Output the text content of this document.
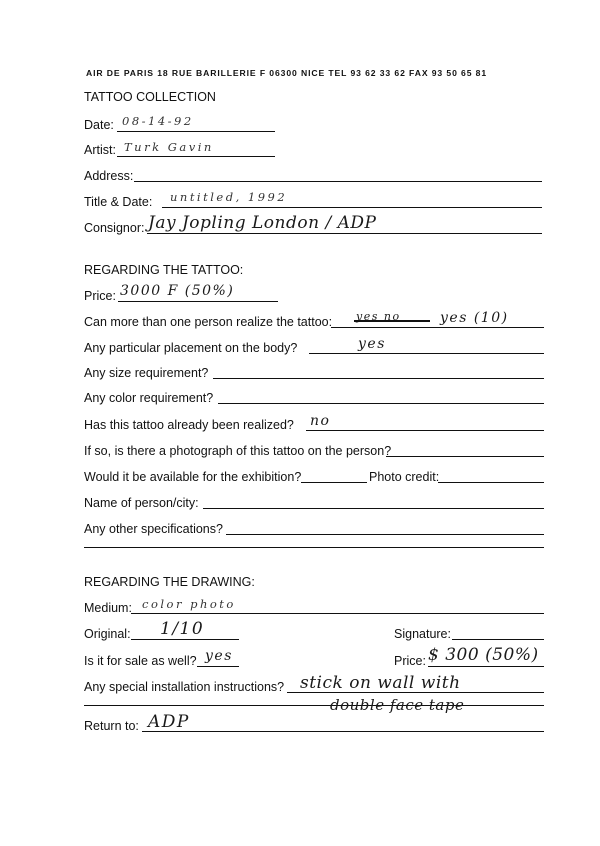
AIR DE PARIS 18 RUE BARILLERIE F 06300 NICE TEL 93 62 33 62 FAX 93 50 65 81
TATTOO COLLECTION
Date: 08-14-92
Artist: Turk Gavin
Address:
Title & Date: untitled, 1992
Consignor: Jay Jopling London / ADP
REGARDING THE TATTOO:
Price: 3000 F (50%)
Can more than one person realize the tattoo: yes no	yes (10)
Any particular placement on the body?	yes
Any size requirement?
Any color requirement?
Has this tattoo already been realized? no
If so, is there a photograph of this tattoo on the person?
Would it be available for the exhibition?	Photo credit:
Name of person/city:
Any other specifications?
REGARDING THE DRAWING:
Medium: color photo
Original: 1/10	Signature:
Is it for sale as well? yes	Price: $ 300 (50%)
Any special installation instructions? stick on wall with
double face tape
Return to: ADP
